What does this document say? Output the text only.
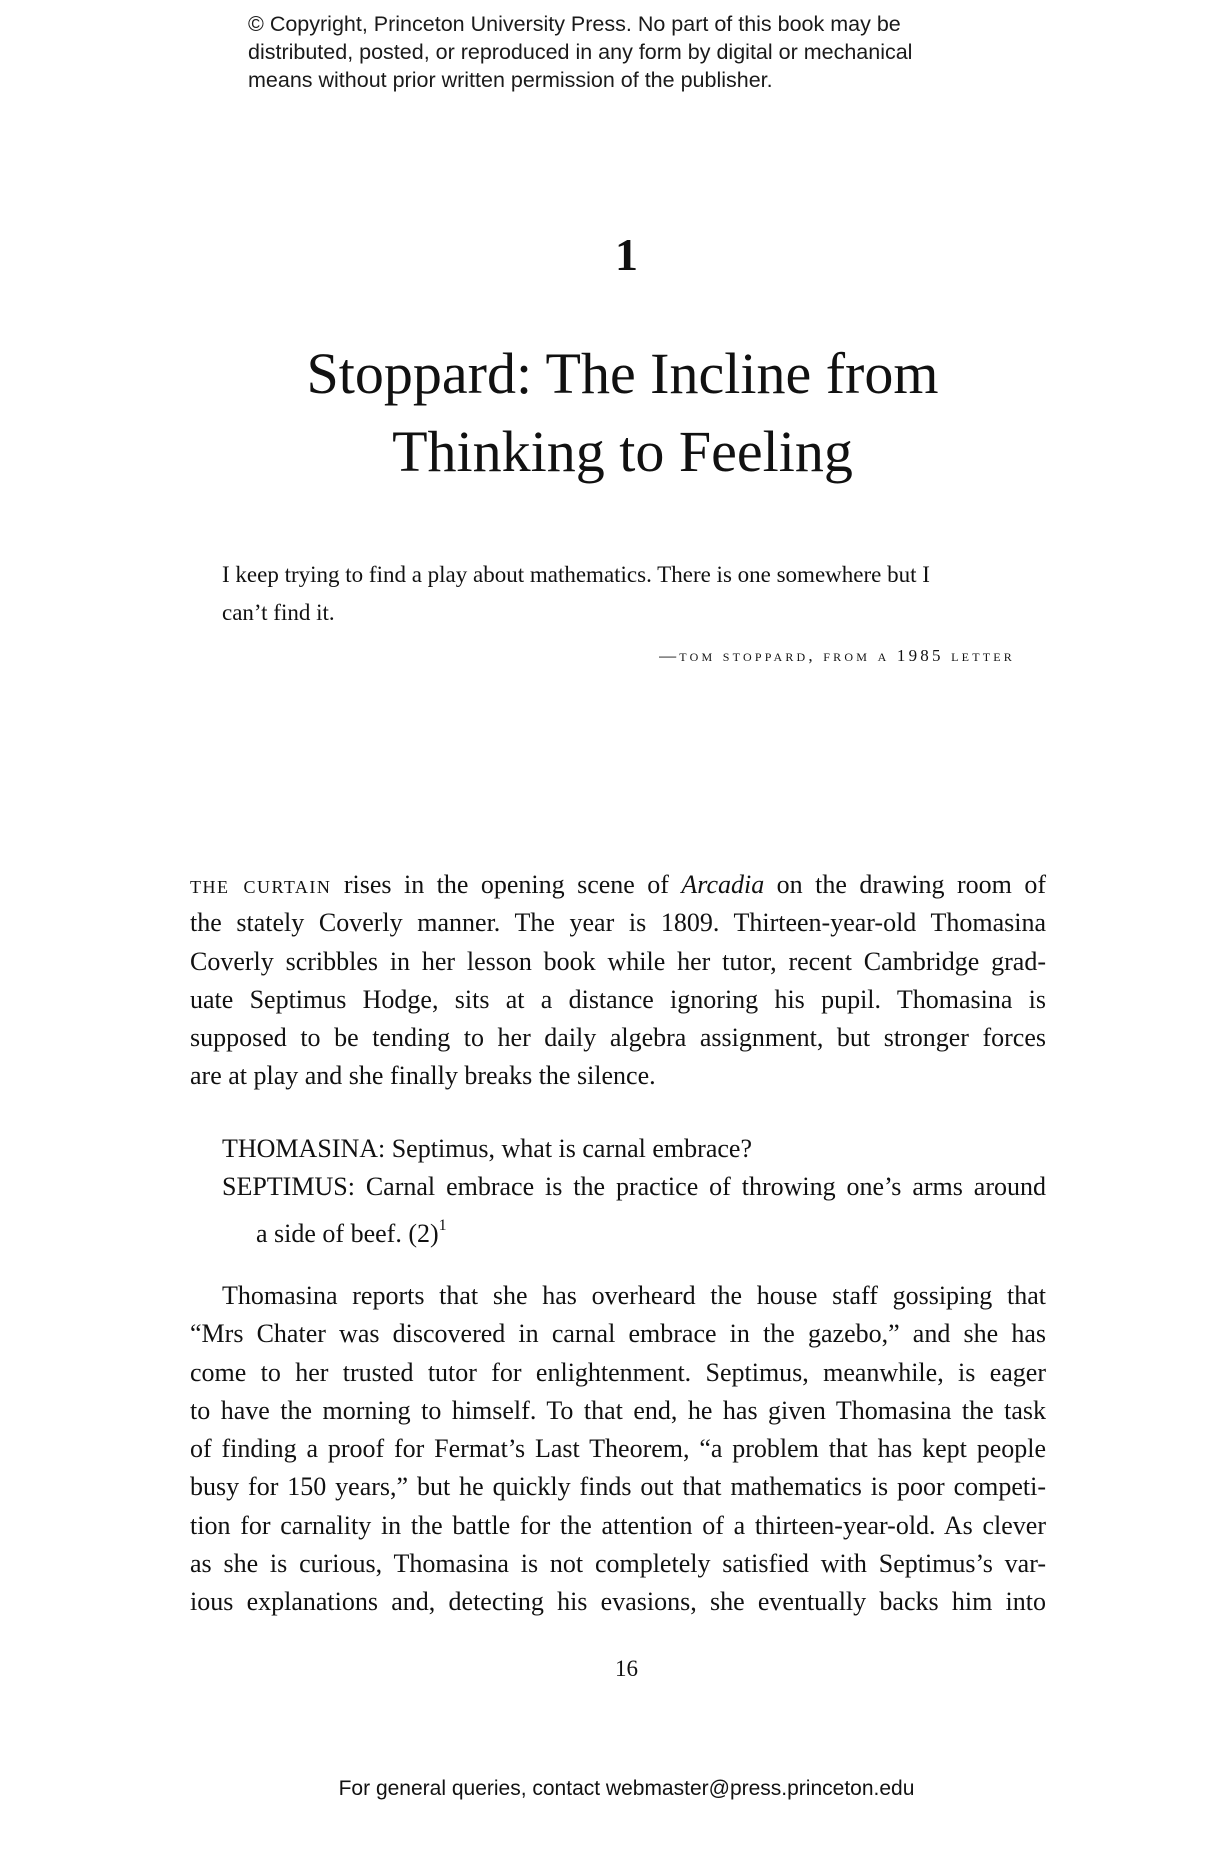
© Copyright, Princeton University Press. No part of this book may be
distributed, posted, or reproduced in any form by digital or mechanical
means without prior written permission of the publisher.
1
Stoppard: The Incline from
Thinking to Feeling
I keep trying to find a play about mathematics. There is one somewhere but I
can’t find it.
—tom stoppard, from a 1985 letter
the curtain rises in the opening scene of Arcadia on the drawing room of
the stately Coverly manner. The year is 1809. Thirteen-year-old Thomasina
Coverly scribbles in her lesson book while her tutor, recent Cambridge grad-
uate Septimus Hodge, sits at a distance ignoring his pupil. Thomasina is
supposed to be tending to her daily algebra assignment, but stronger forces
are at play and she finally breaks the silence.
THOMASINA: Septimus, what is carnal embrace?
SEPTIMUS: Carnal embrace is the practice of throwing one’s arms around
a side of beef. $(2)^1$
Thomasina reports that she has overheard the house staff gossiping that
“Mrs Chater was discovered in carnal embrace in the gazebo,” and she has
come to her trusted tutor for enlightenment. Septimus, meanwhile, is eager
to have the morning to himself. To that end, he has given Thomasina the task
of finding a proof for Fermat’s Last Theorem, “a problem that has kept people
busy for 150 years,” but he quickly finds out that mathematics is poor competi-
tion for carnality in the battle for the attention of a thirteen-year-old. As clever
as she is curious, Thomasina is not completely satisfied with Septimus’s var-
ious explanations and, detecting his evasions, she eventually backs him into
16
For general queries, contact webmaster@press.princeton.edu
